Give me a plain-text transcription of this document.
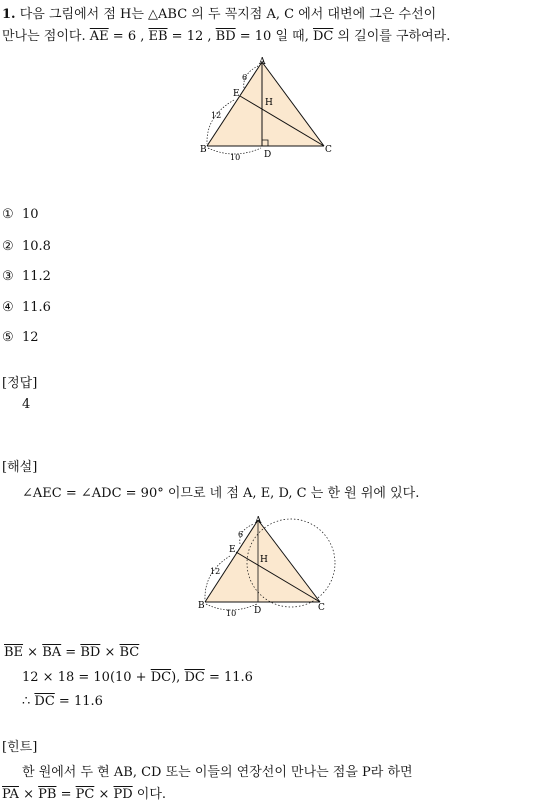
1. 다음 그림에서 점 H는 △ABC 의 두 꼭지점 A, C 에서 대변에 그은 수선이
만나는 점이다. $\overline{AE} = 6$ , $\overline{EB} = 12$ , $\overline{BD} = 10$ 일 때, $\overline{DC}$ 의 길이를 구하여라.
A
E
H
B	D	C
6
12
10
① 10
② 10.8
③ 11.2
④ 11.6
⑤ 12
[정답]
4
[해설]
∠AEC = ∠ADC = 90° 이므로 네 점 A, E, D, C 는 한 원 위에 있다.
A
E
H
B	D	C
6
12
10
$\overline{BE} \times \overline{BA} = \overline{BD} \times \overline{BC}$
$12 \times 18 = 10(10 + \overline{DC})$, $\overline{DC} = 11.6$
∴ $\overline{DC} = 11.6$
[힌트]
한 원에서 두 현 AB, CD 또는 이들의 연장선이 만나는 점을 P라 하면
$\overline{PA} \times \overline{PB} = \overline{PC} \times \overline{PD}$ 이다.
